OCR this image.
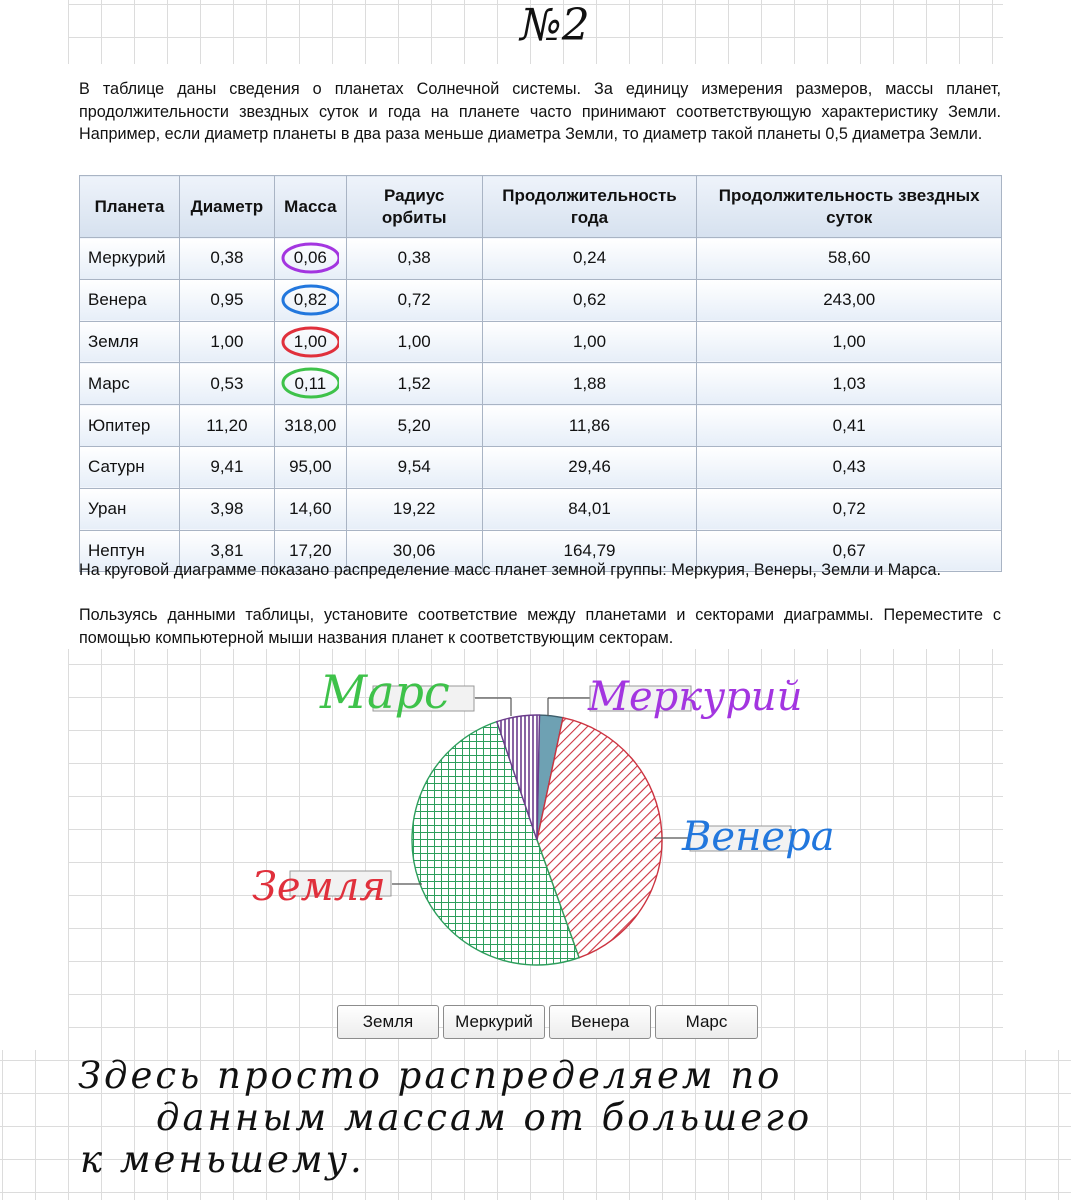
№2
В таблице даны сведения о планетах Солнечной системы. За единицу измерения размеров, массы планет, продолжительности звездных суток и года на планете часто принимают соответствующую характеристику Земли. Например, если диаметр планеты в два раза меньше диаметра Земли, то диаметр такой планеты 0,5 диаметра Земли.
Планета	Диаметр	Масса	Радиус орбиты	Продолжительность года	Продолжительность звездных суток
Меркурий	0,38	0,06	0,38	0,24	58,60
Венера	0,95	0,82	0,72	0,62	243,00
Земля	1,00	1,00	1,00	1,00	1,00
Марс	0,53	0,11	1,52	1,88	1,03
Юпитер	11,20	318,00	5,20	11,86	0,41
Сатурн	9,41	95,00	9,54	29,46	0,43
Уран	3,98	14,60	19,22	84,01	0,72
Нептун	3,81	17,20	30,06	164,79	0,67
На круговой диаграмме показано распределение масс планет земной группы: Меркурия, Венеры, Земли и Марса.
Пользуясь данными таблицы, установите соответствие между планетами и секторами диаграммы. Переместите с помощью компьютерной мыши названия планет к соответствующим секторам.
Марс	Меркурий
Венера
Земля
Земля	Меркурий	Венера	Марс
Здесь просто распределяем по
данным массам от большего
к меньшему.
